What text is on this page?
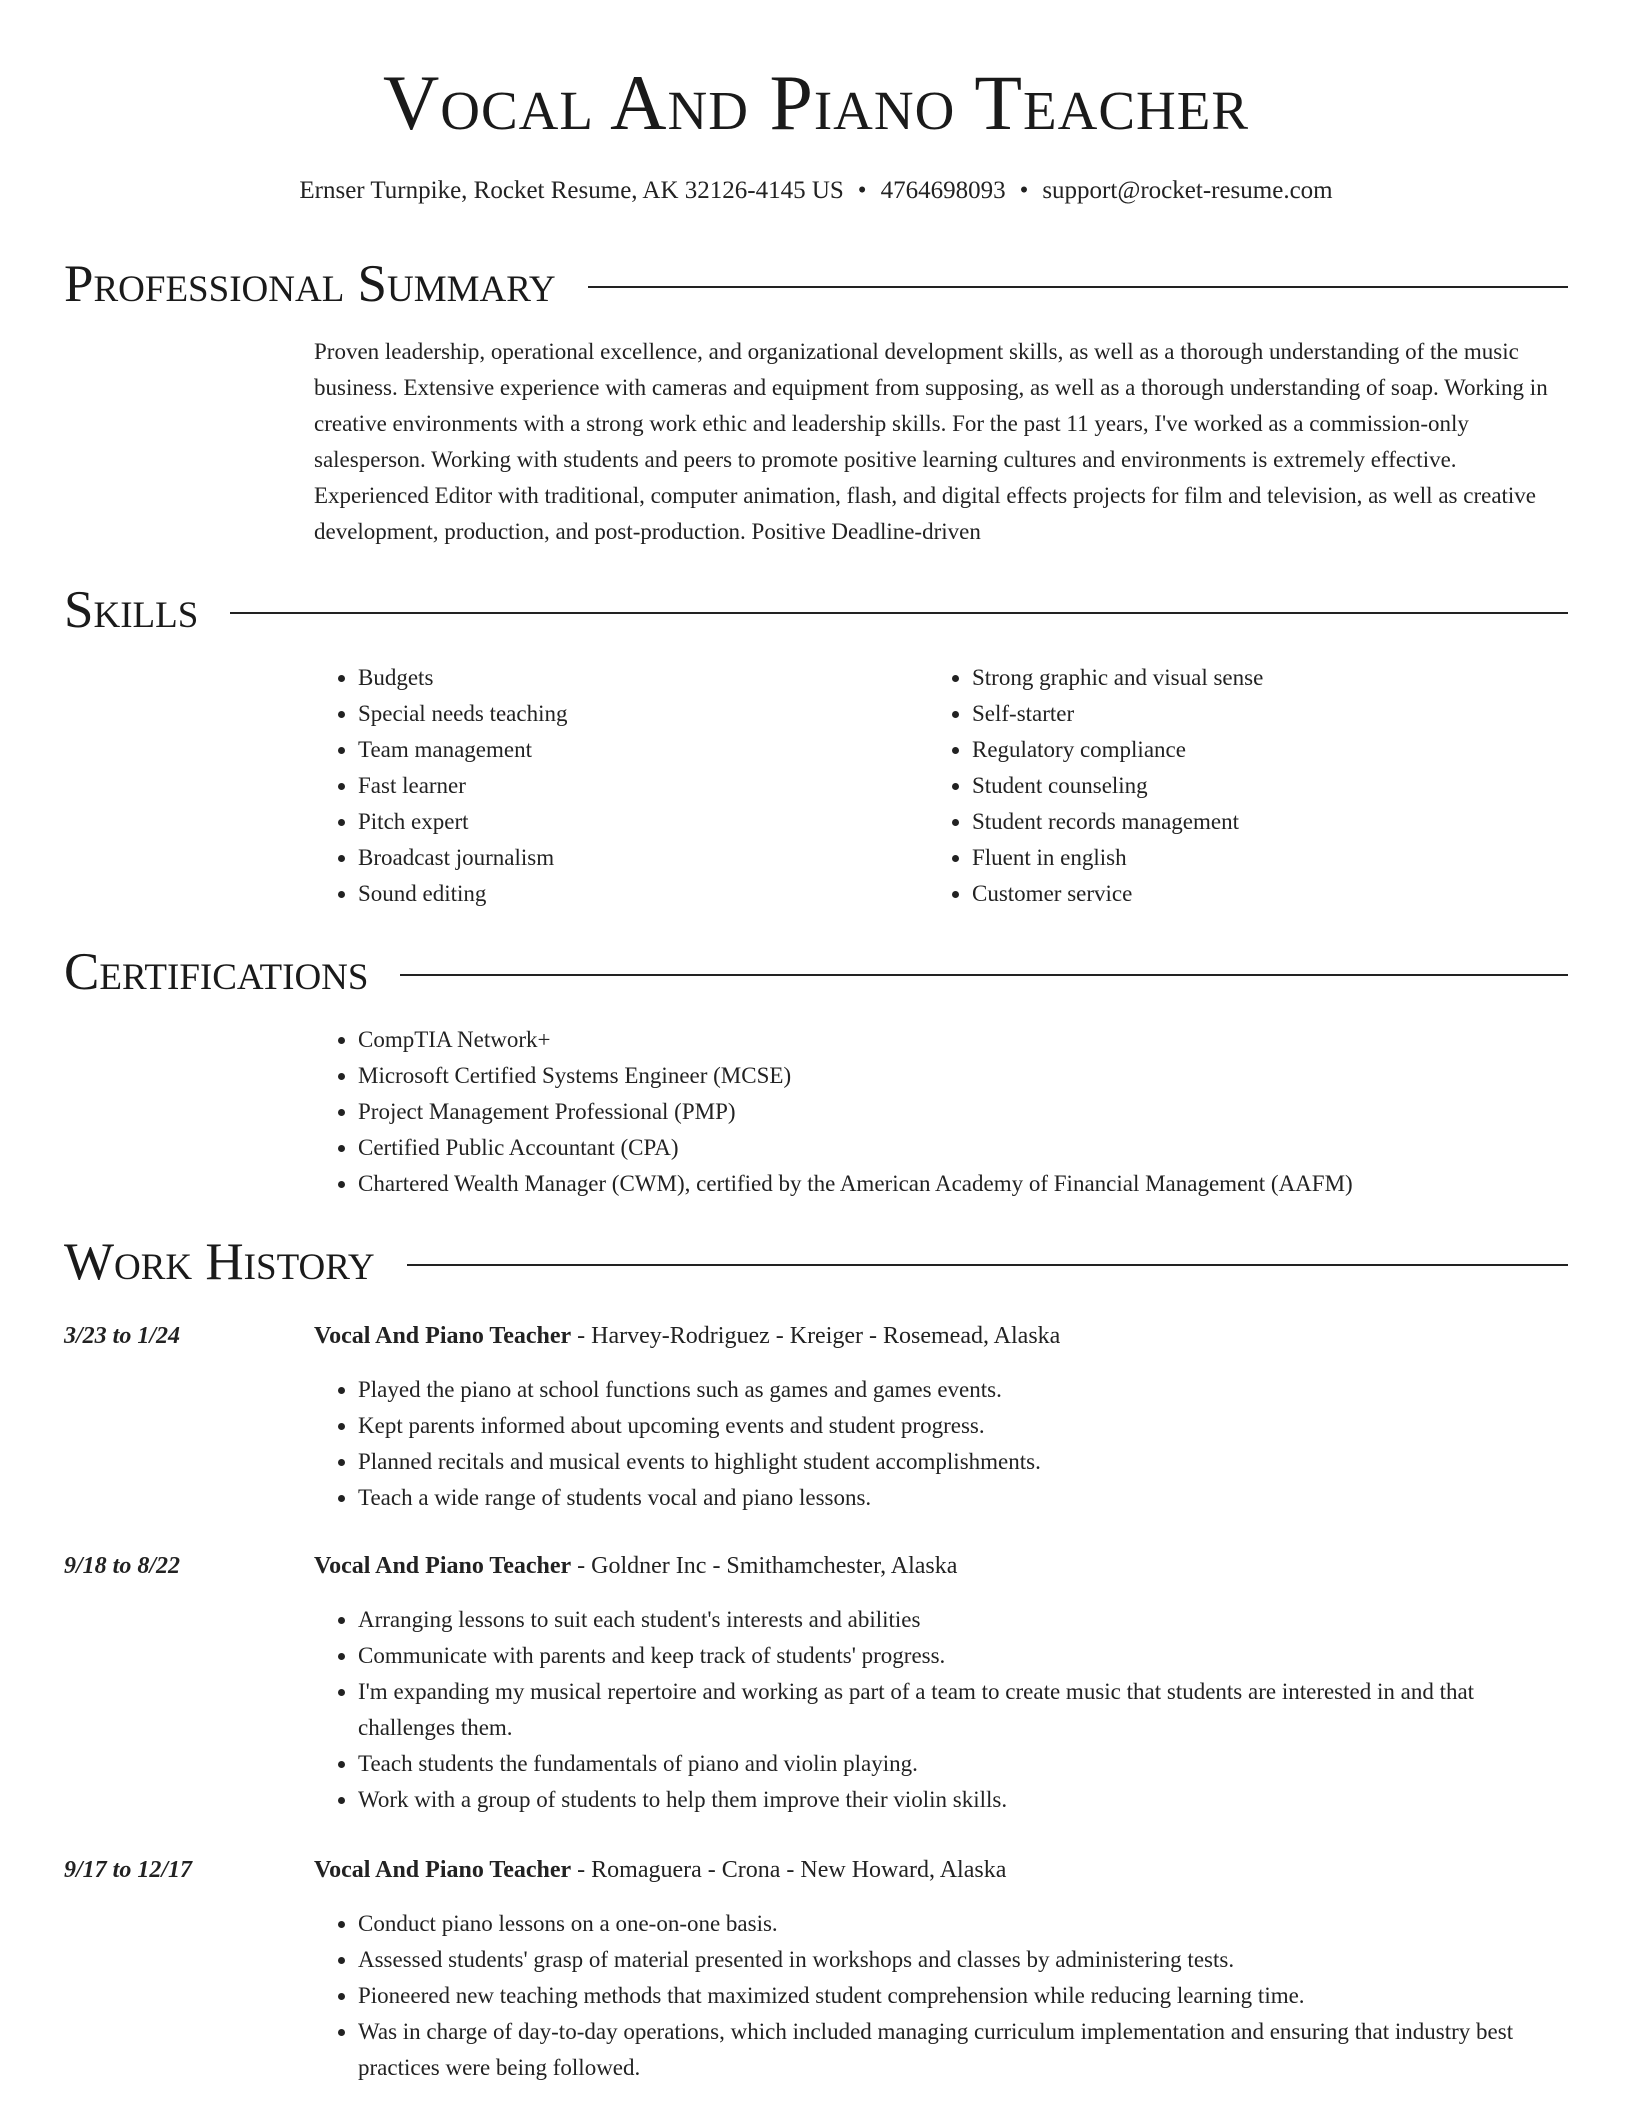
Vocal And Piano Teacher
Ernser Turnpike, Rocket Resume, AK 32126-4145 US • 4764698093 • support@rocket-resume.com
Professional Summary

Proven leadership, operational excellence, and organizational development skills, as well as a thorough understanding of the music business. Extensive experience with cameras and equipment from supposing, as well as a thorough understanding of soap. Working in creative environments with a strong work ethic and leadership skills. For the past 11 years, I've worked as a commission-only salesperson. Working with students and peers to promote positive learning cultures and environments is extremely effective. Experienced Editor with traditional, computer animation, flash, and digital effects projects for film and television, as well as creative development, production, and post-production. Positive Deadline-driven

Skills
• Budgets
• Special needs teaching
• Team management
• Fast learner
• Pitch expert
• Broadcast journalism
• Sound editing
• Strong graphic and visual sense
• Self-starter
• Regulatory compliance
• Student counseling
• Student records management
• Fluent in english
• Customer service
Certifications
• CompTIA Network+
• Microsoft Certified Systems Engineer (MCSE)
• Project Management Professional (PMP)
• Certified Public Accountant (CPA)
• Chartered Wealth Manager (CWM), certified by the American Academy of Financial Management (AAFM)
Work History
3/23 to 1/24	Vocal And Piano Teacher - Harvey-Rodriguez - Kreiger - Rosemead, Alaska
• Played the piano at school functions such as games and games events.
• Kept parents informed about upcoming events and student progress.
• Planned recitals and musical events to highlight student accomplishments.
• Teach a wide range of students vocal and piano lessons.
9/18 to 8/22	Vocal And Piano Teacher - Goldner Inc - Smithamchester, Alaska
• Arranging lessons to suit each student's interests and abilities
• Communicate with parents and keep track of students' progress.
• I'm expanding my musical repertoire and working as part of a team to create music that students are interested in and that challenges them.
• Teach students the fundamentals of piano and violin playing.
• Work with a group of students to help them improve their violin skills.
9/17 to 12/17	Vocal And Piano Teacher - Romaguera - Crona - New Howard, Alaska
• Conduct piano lessons on a one-on-one basis.
• Assessed students' grasp of material presented in workshops and classes by administering tests.
• Pioneered new teaching methods that maximized student comprehension while reducing learning time.
• Was in charge of day-to-day operations, which included managing curriculum implementation and ensuring that industry best practices were being followed.
